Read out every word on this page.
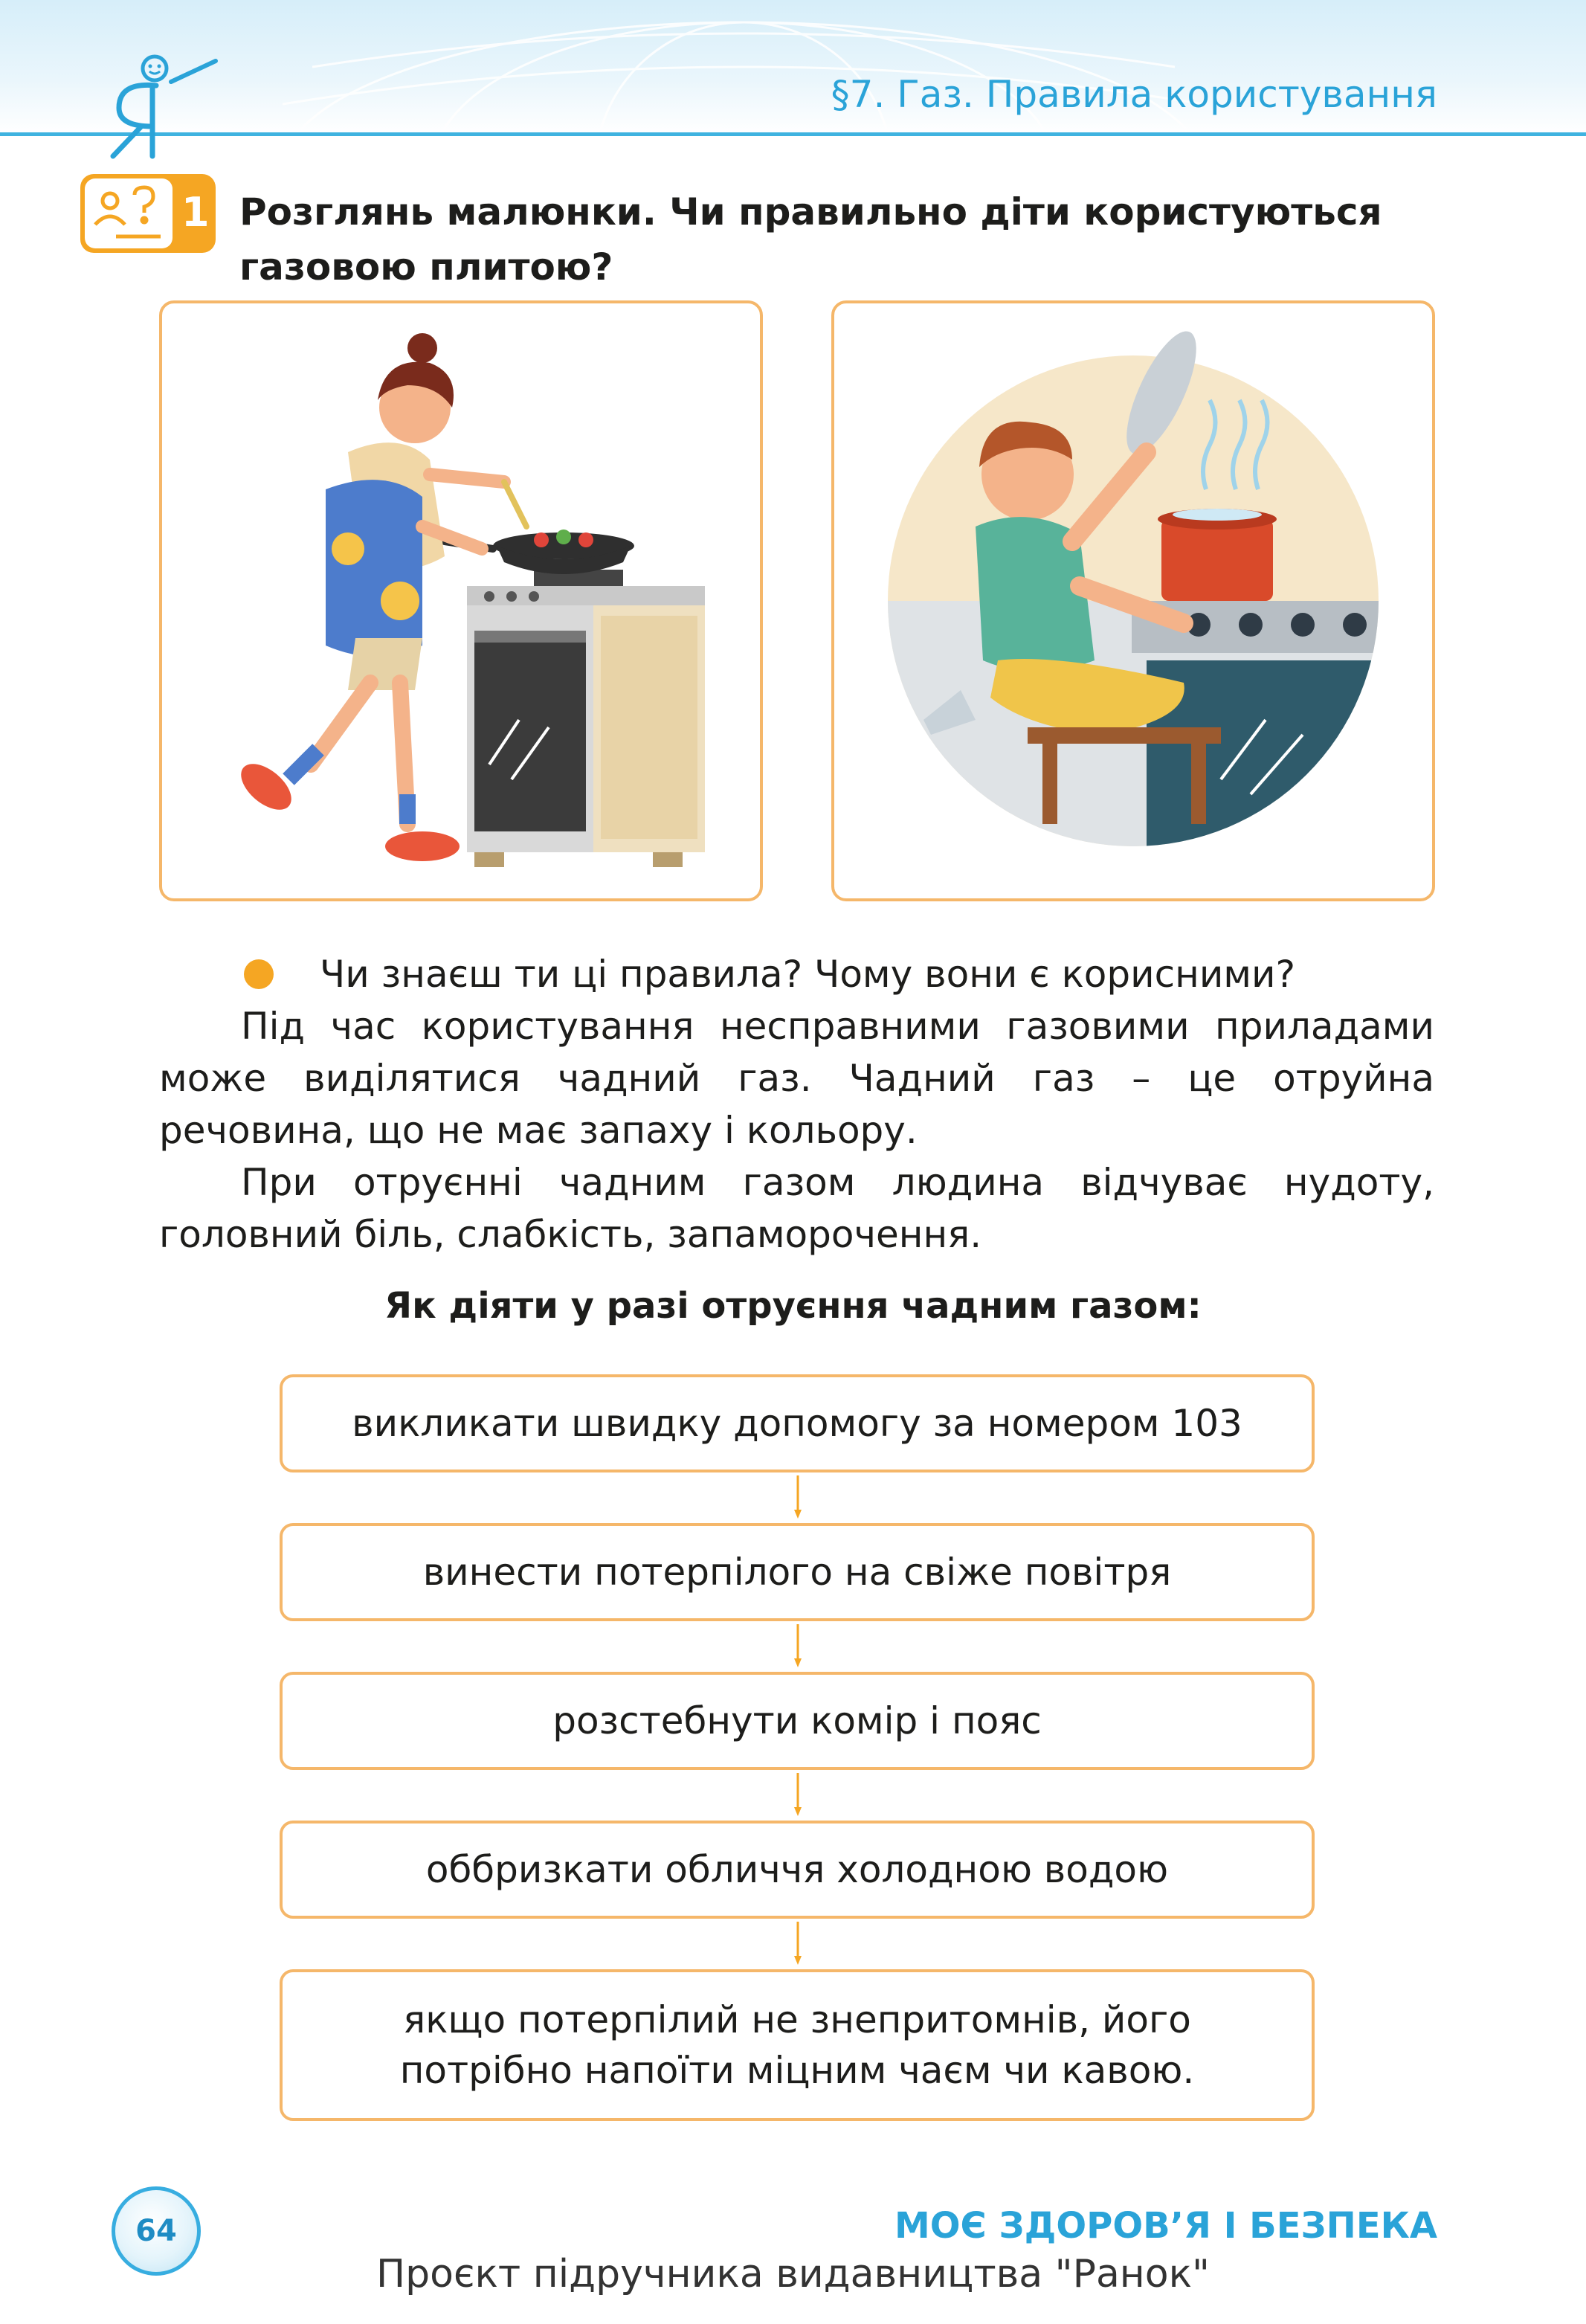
§7. Газ. Правила користування
1 Розглянь малюнки. Чи правильно діти користуються газовою плитою?
Чи знаєш ти ці правила? Чому вони є корисними?
Під час користування несправними газовими приладами може виділятися чадний газ. Чадний газ – це отруйна речовина, що не має запаху і кольору.
При отруєнні чадним газом людина відчуває нудоту, головний біль, слабкість, запаморочення.
Як діяти у разі отруєння чадним газом:
викликати швидку допомогу за номером 103
винести потерпілого на свіже повітря
розстебнути комір і пояс
оббризкати обличчя холодною водою
якщо потерпілий не знепритомнів, його потрібно напоїти міцним чаєм чи кавою.
64	МОЄ ЗДОРОВ’Я І БЕЗПЕКА
Проєкт підручника видавництва "Ранок"
